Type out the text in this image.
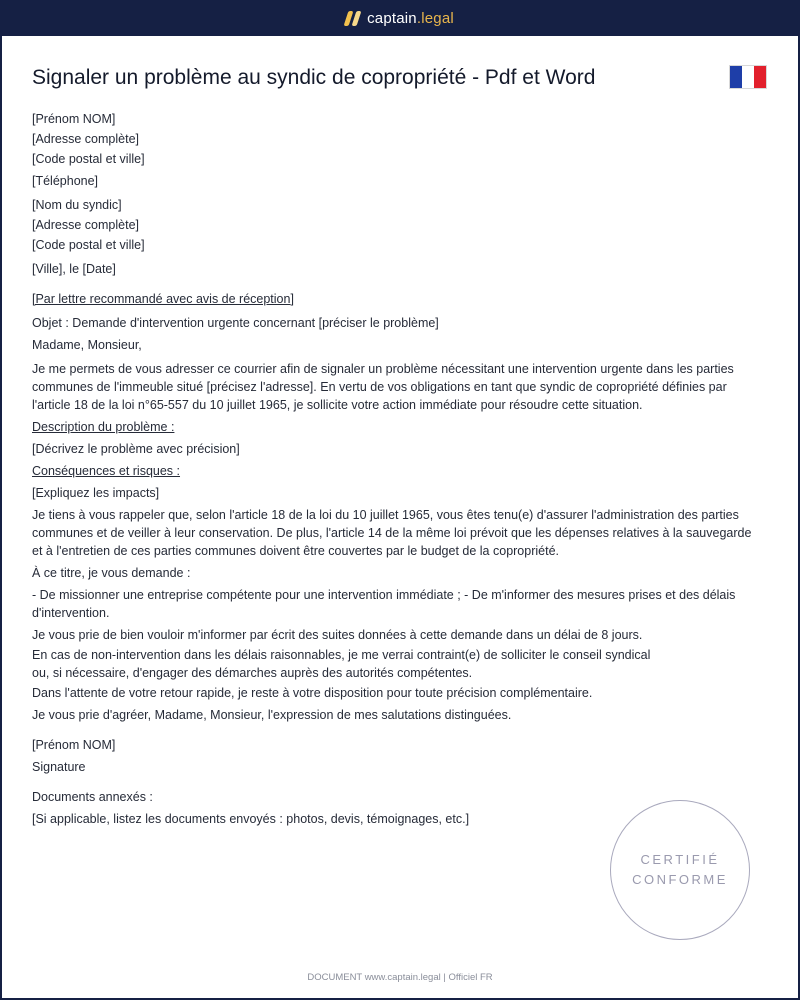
captain.legal
Signaler un problème au syndic de copropriété - Pdf et Word
[Prénom NOM]
[Adresse complète]
[Code postal et ville]
[Téléphone]
[Nom du syndic]
[Adresse complète]
[Code postal et ville]
[Ville], le [Date]
[Par lettre recommandé avec avis de réception]
Objet : Demande d'intervention urgente concernant [préciser le problème]
Madame, Monsieur,
Je me permets de vous adresser ce courrier afin de signaler un problème nécessitant une intervention urgente dans les parties communes de l'immeuble situé [précisez l'adresse]. En vertu de vos obligations en tant que syndic de copropriété définies par l'article 18 de la loi n°65-557 du 10 juillet 1965, je sollicite votre action immédiate pour résoudre cette situation.
Description du problème :
[Décrivez le problème avec précision]
Conséquences et risques :
[Expliquez les impacts]
Je tiens à vous rappeler que, selon l'article 18 de la loi du 10 juillet 1965, vous êtes tenu(e) d'assurer l'administration des parties communes et de veiller à leur conservation. De plus, l'article 14 de la même loi prévoit que les dépenses relatives à la sauvegarde et à l'entretien de ces parties communes doivent être couvertes par le budget de la copropriété.
À ce titre, je vous demande :
- De missionner une entreprise compétente pour une intervention immédiate ; - De m'informer des mesures prises et des délais d'intervention.
Je vous prie de bien vouloir m'informer par écrit des suites données à cette demande dans un délai de 8 jours.
En cas de non-intervention dans les délais raisonnables, je me verrai contraint(e) de solliciter le conseil syndical
ou, si nécessaire, d'engager des démarches auprès des autorités compétentes.
Dans l'attente de votre retour rapide, je reste à votre disposition pour toute précision complémentaire.
Je vous prie d'agréer, Madame, Monsieur, l'expression de mes salutations distinguées.
[Prénom NOM]
Signature
Documents annexés :
[Si applicable, listez les documents envoyés : photos, devis, témoignages, etc.]
CERTIFIÉ
CONFORME
DOCUMENT www.captain.legal | Officiel FR
